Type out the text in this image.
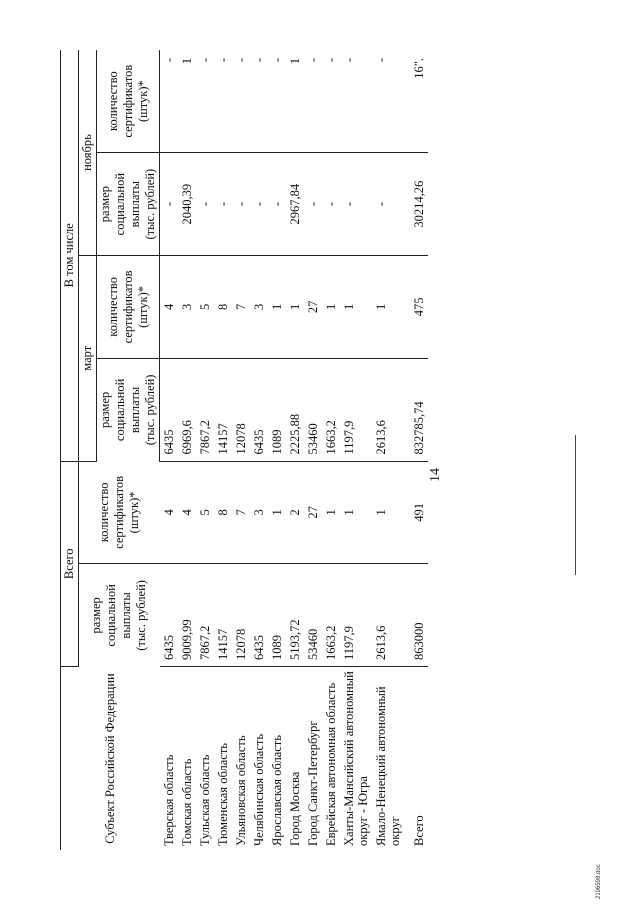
14
Субъект Российской Федерации	Всего		В том числе			

	размер социальной выплаты (тыс. рублей)	количество сертификатов (штук)*	март		ноябрь	

			размер социальной выплаты (тыс. рублей)	количество сертификатов (штук)*	размер социальной выплаты (тыс. рублей)	количество сертификатов (штук)*

Тверская область	6435	4	6435	4	-	-
Томская область	9009,99	4	6969,6	3	2040,39	1
Тульская область	7867,2	5	7867,2	5	-	-
Тюменская область	14157	8	14157	8	-	-
Ульяновская область	12078	7	12078	7	-	-
Челябинская область	6435	3	6435	3	-	-
Ярославская область	1089	1	1089	1	-	-
Город Москва	5193,72	2	2225,88	1	2967,84	1
Город Санкт-Петербург	53460	27	53460	27	-	-
Еврейская автономная область	1663,2	1	1663,2	1	-	-
Ханты-Мансийский автономный округ - Югра	1197,9	1	1197,9	1	-	-
Ямало-Ненецкий автономный округ	2613,6	1	2613,6	1	-	-
Всего	863000	491	832785,74	475	30214,26	16".
2196598.doc
